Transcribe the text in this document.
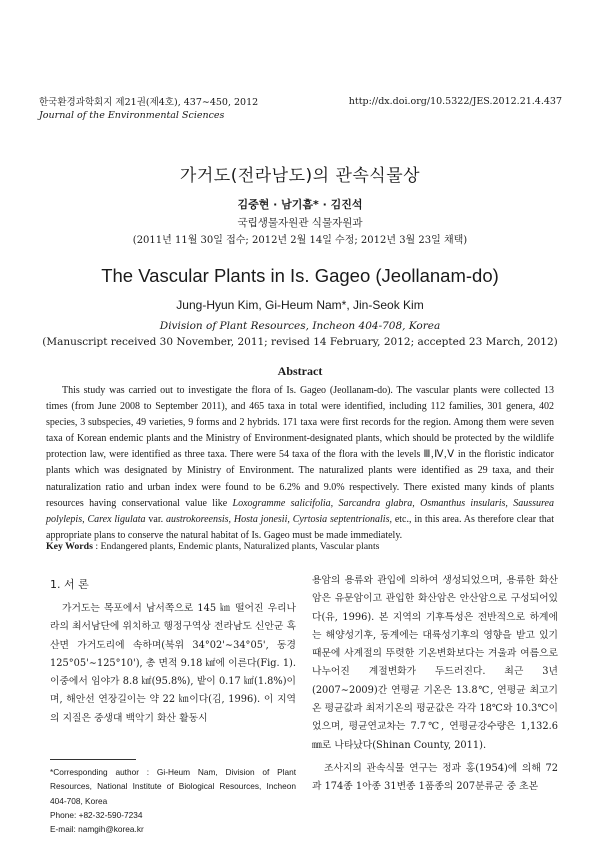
한국환경과학회지 제21권(제4호), 437∼450, 2012
Journal of the Environmental Sciences
http://dx.doi.org/10.5322/JES.2012.21.4.437
가거도(전라남도)의 관속식물상
김중현 · 남기흠* · 김진석
국립생물자원관 식물자원과
(2011년 11월 30일 접수; 2012년 2월 14일 수정; 2012년 3월 23일 채택)
The Vascular Plants in Is. Gageo (Jeollanam-do)
Jung-Hyun Kim, Gi-Heum Nam*, Jin-Seok Kim
Division of Plant Resources, Incheon 404-708, Korea
(Manuscript received 30 November, 2011; revised 14 February, 2012; accepted 23 March, 2012)
Abstract
This study was carried out to investigate the flora of Is. Gageo (Jeollanam-do). The vascular plants were collected 13 times (from June 2008 to September 2011), and 465 taxa in total were identified, including 112 families, 301 genera, 402 species, 3 subspecies, 49 varieties, 9 forms and 2 hybrids. 171 taxa were first records for the region. Among them were seven taxa of Korean endemic plants and the Ministry of Environment-designated plants, which should be protected by the wildlife protection law, were identified as three taxa. There were 54 taxa of the flora with the levels Ⅲ,Ⅳ,Ⅴ in the floristic indicator plants which was designated by Ministry of Environment. The naturalized plants were identified as 29 taxa, and their naturalization ratio and urban index were found to be 6.2% and 9.0% respectively. There existed many kinds of plants resources having conservational value like Loxogramme salicifolia, Sarcandra glabra, Osmanthus insularis, Saussurea polylepis, Carex ligulata var. austrokoreensis, Hosta jonesii, Cyrtosia septentrionalis, etc., in this area. As therefore clear that appropriate plans to conserve the natural habitat of Is. Gageo must be made immediately.
Key Words : Endangered plants, Endemic plants, Naturalized plants, Vascular plants
1. 서 론
가거도는 목포에서 남서쪽으로 145 ㎞ 떨어진 우리나라의 최서남단에 위치하고 행정구역상 전라남도 신안군 흑산면 가거도리에 속하며(북위 34°02'∼34°05', 동경 125°05'∼125°10'), 총 면적 9.18 ㎢에 이른다(Fig. 1). 이중에서 임야가 8.8 ㎢(95.8%), 밭이 0.17 ㎢(1.8%)이며, 해안선 연장길이는 약 22 ㎞이다(김, 1996). 이 지역의 지질은 중생대 백악기 화산 활동시

용암의 용류와 관입에 의하여 생성되었으며, 용류한 화산암은 유문암이고 관입한 화산암은 안산암으로 구성되어있다(유, 1996). 본 지역의 기후특성은 전반적으로 하계에는 해양성기후, 동계에는 대륙성기후의 영향을 받고 있기 때문에 사계절의 뚜렷한 기온변화보다는 겨울과 여름으로 나누어진 계절변화가 두드러진다. 최근 3년(2007∼2009)간 연평균 기온은 13.8℃, 연평균 최고기온 평균값과 최저기온의 평균값은 각각 18℃와 10.3℃이었으며, 평균연교차는 7.7℃, 연평균강수량은 1,132.6 ㎜로 나타났다(Shinan County, 2011).

조사지의 관속식물 연구는 정과 홍(1954)에 의해 72과 174종 1아종 31변종 1품종의 207분류군 중 초본

*Corresponding author : Gi-Heum Nam, Division of Plant Resources, National Institute of Biological Resources, Incheon 404-708, Korea
Phone: +82-32-590-7234
E-mail: namgih@korea.kr
